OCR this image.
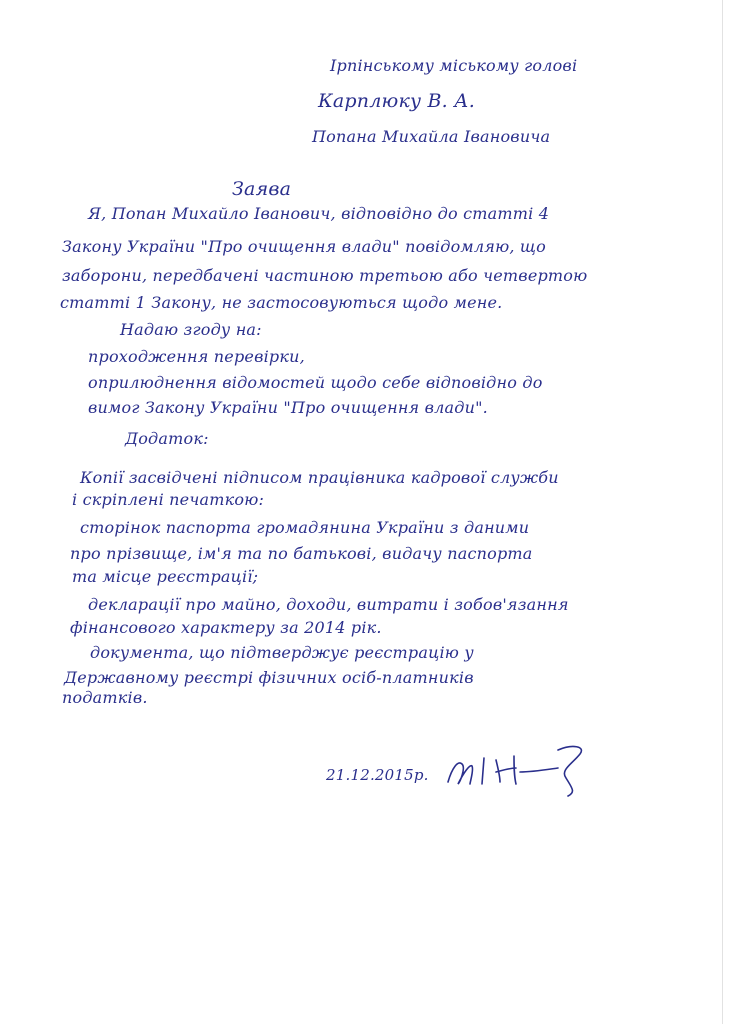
Ірпінському міському голові
Карплюку В. А.
Попана Михайла Івановича
Заява
Я, Попан Михайло Іванович, відповідно до статті 4
Закону України "Про очищення влади" повідомляю, що
заборони, передбачені частиною третьою або четвертою
статті 1 Закону, не застосовуються щодо мене.
Надаю згоду на:
проходження перевірки,
оприлюднення відомостей щодо себе відповідно до
вимог Закону України "Про очищення влади".
Додаток:
Копії засвідчені підписом працівника кадрової служби
і скріплені печаткою:
сторінок паспорта громадянина України з даними
про прізвище, ім'я та по батькові, видачу паспорта
та місце реєстрації;
декларації про майно, доходи, витрати і зобов'язання
фінансового характеру за 2014 рік.
документа, що підтверджує реєстрацію у
Державному реєстрі фізичних осіб-платників
податків.
21.12.2015р.
